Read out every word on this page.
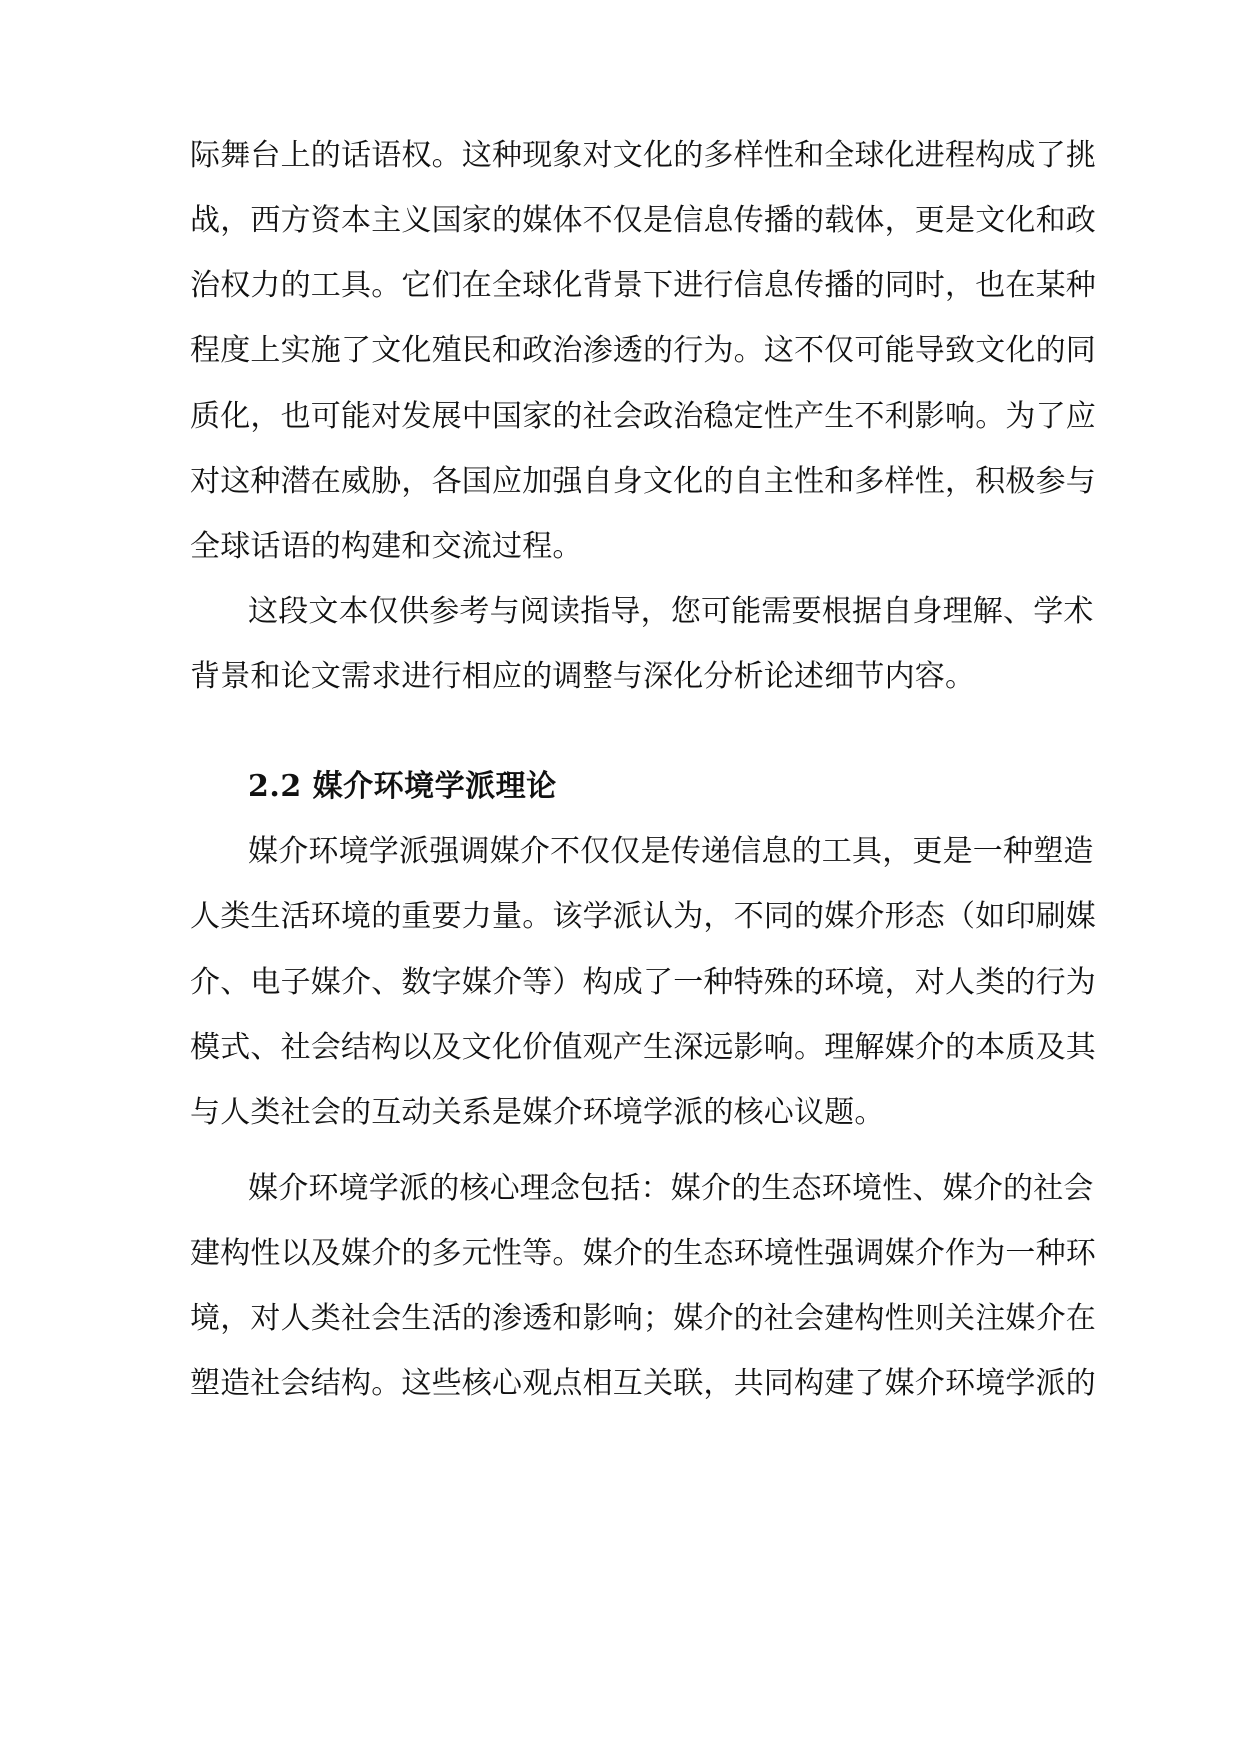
际舞台上的话语权。这种现象对文化的多样性和全球化进程构成了挑
战，西方资本主义国家的媒体不仅是信息传播的载体，更是文化和政
治权力的工具。它们在全球化背景下进行信息传播的同时，也在某种
程度上实施了文化殖民和政治渗透的行为。这不仅可能导致文化的同
质化，也可能对发展中国家的社会政治稳定性产生不利影响。为了应
对这种潜在威胁，各国应加强自身文化的自主性和多样性，积极参与
全球话语的构建和交流过程。
这段文本仅供参考与阅读指导，您可能需要根据自身理解、学术
背景和论文需求进行相应的调整与深化分析论述细节内容。
2.2 媒介环境学派理论
媒介环境学派强调媒介不仅仅是传递信息的工具，更是一种塑造
人类生活环境的重要力量。该学派认为，不同的媒介形态（如印刷媒
介、电子媒介、数字媒介等）构成了一种特殊的环境，对人类的行为
模式、社会结构以及文化价值观产生深远影响。理解媒介的本质及其
与人类社会的互动关系是媒介环境学派的核心议题。
媒介环境学派的核心理念包括：媒介的生态环境性、媒介的社会
建构性以及媒介的多元性等。媒介的生态环境性强调媒介作为一种环
境，对人类社会生活的渗透和影响；媒介的社会建构性则关注媒介在
塑造社会结构。这些核心观点相互关联，共同构建了媒介环境学派的
